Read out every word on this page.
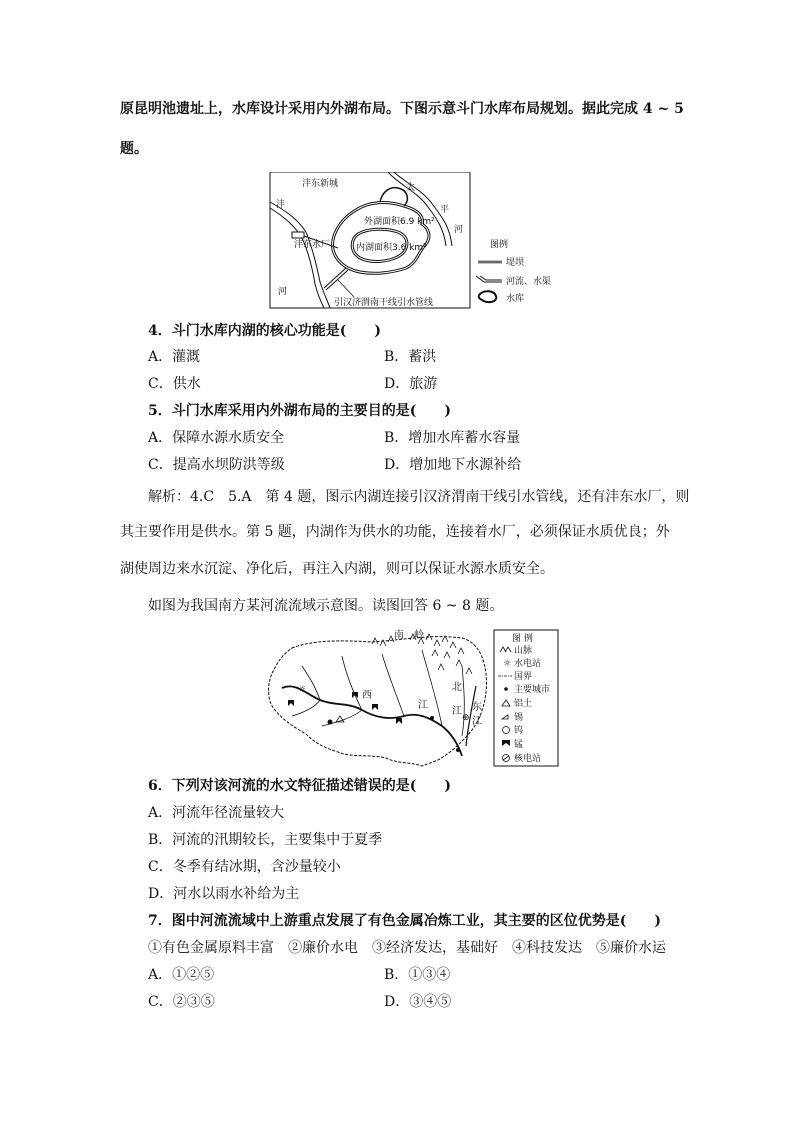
原昆明池遗址上，水库设计采用内外湖布局。下图示意斗门水库布局规划。据此完成 4 ~ 5
题。
沣东新城
沣
河
太
平
河
外湖面积6.9 km²
内湖面积3.6 km²
沣东水厂
引汉济渭南干线引水管线
图例
堤坝
河流、水渠
水库
4．斗门水库内湖的核心功能是(　　)
A．灌溉	B．蓄洪
C．供水	D．旅游
5．斗门水库采用内外湖布局的主要目的是(　　)
A．保障水源水质安全	B．增加水库蓄水容量
C．提高水坝防洪等级	D．增加地下水源补给
解析：4.C　5.A　第 4 题，图示内湖连接引汉济渭南干线引水管线，还有沣东水厂，则
其主要作用是供水。第 5 题，内湖作为供水的功能，连接着水厂，必须保证水质优良；外
湖使周边来水沉淀、净化后，再注入内湖，则可以保证水源水质安全。
如图为我国南方某河流流域示意图。读图回答 6 ~ 8 题。
☼
⊕
南　岭
西
江
北
江 东
江
图 例
山脉
☼ 水电站
国界
主要城市
铝土
锡
钨
锰
核电站
6．下列对该河流的水文特征描述错误的是(　　)
A．河流年径流量较大
B．河流的汛期较长，主要集中于夏季
C．冬季有结冰期，含沙量较小
D．河水以雨水补给为主
7．图中河流流域中上游重点发展了有色金属冶炼工业，其主要的区位优势是(　　)
①有色金属原料丰富　②廉价水电　③经济发达，基础好　④科技发达　⑤廉价水运
A．①②⑤	B．①③④
C．②③⑤	D．③④⑤
